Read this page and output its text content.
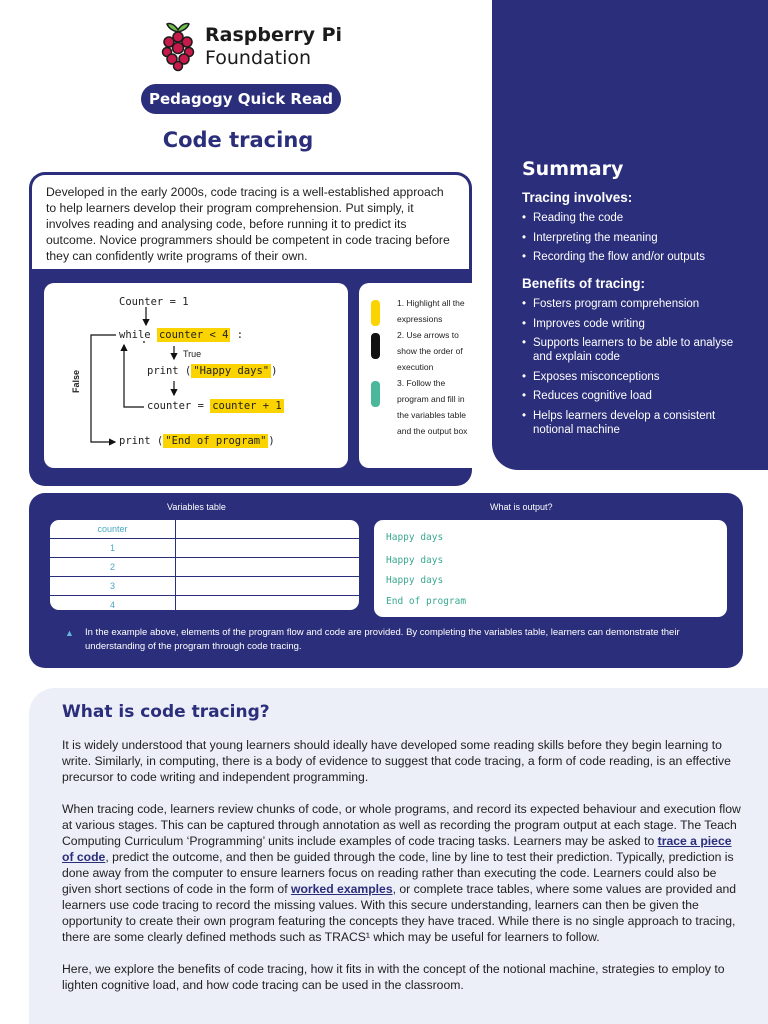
Raspberry Pi
Foundation
Pedagogy Quick Read
Code tracing
Summary
Tracing involves:
• Reading the code
• Interpreting the meaning
• Recording the flow and/or outputs
Benefits of tracing:
• Fosters program comprehension
• Improves code writing
• Supports learners to be able to analyse and explain code
• Exposes misconceptions
• Reduces cognitive load
• Helps learners develop a consistent notional machine
Developed in the early 2000s, code tracing is a well-established approach to help learners develop their program comprehension. Put simply, it involves reading and analysing code, before running it to predict its outcome. Novice programmers should be competent in code tracing before they can confidently write programs of their own.
Counter = 1
while counter < 4 :
True
print ( "Happy days" )
counter = counter + 1
print ( "End of program" )
False
1. Highlight all the expressions
2. Use arrows to show the order of execution
3. Follow the program and fill in the variables table and the output box
Variables table	What is output?
counter
1
2
3
4
Happy days
Happy days
Happy days
End of program
▲ In the example above, elements of the program flow and code are provided. By completing the variables table, learners can demonstrate their understanding of the program through code tracing.
What is code tracing?

It is widely understood that young learners should ideally have developed some reading skills before they begin learning to write. Similarly, in computing, there is a body of evidence to suggest that code tracing, a form of code reading, is an effective precursor to code writing and independent programming.

When tracing code, learners review chunks of code, or whole programs, and record its expected behaviour and execution flow at various stages. This can be captured through annotation as well as recording the program output at each stage. The Teach Computing Curriculum ‘Programming’ units include examples of code tracing tasks. Learners may be asked to trace a piece of code, predict the outcome, and then be guided through the code, line by line to test their prediction. Typically, prediction is done away from the computer to ensure learners focus on reading rather than executing the code. Learners could also be given short sections of code in the form of worked examples, or complete trace tables, where some values are provided and learners use code tracing to record the missing values. With this secure understanding, learners can then be given the opportunity to create their own program featuring the concepts they have traced. While there is no single approach to tracing, there are some clearly defined methods such as TRACS¹ which may be useful for learners to follow.

Here, we explore the benefits of code tracing, how it fits in with the concept of the notional machine, strategies to employ to lighten cognitive load, and how code tracing can be used in the classroom.
